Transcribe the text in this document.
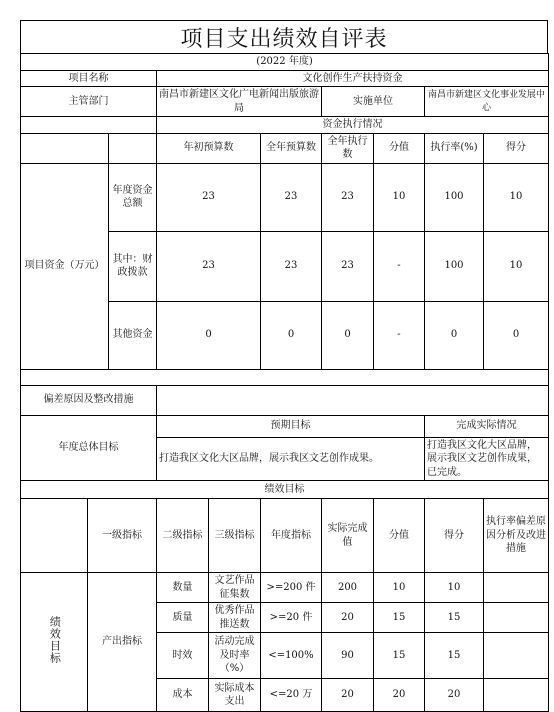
项目支出绩效自评表
(2022 年度)									
项目名称			文化创作生产扶持资金						
主管部门			南昌市新建区文化广电新闻出版旅游局			实施单位		南昌市新建区文化事业发展中心	
			资金执行情况						
			年初预算数		全年预算数	全年执行数	分值	执行率(%)	得分
项目资金（万元）		年度资金总额	23		23	23	10	100	10
		其中：财政拨款	23		23	23	-	100	10
		其他资金	0		0	0	-	0	0

偏差原因及整改措施									
年度总体目标			预期目标					完成实际情况	
			打造我区文化大区品牌，展示我区文艺创作成果。					打造我区文化大区品牌，展示我区文艺创作成果，已完成。	
绩效目标									
	一级指标		二级指标	三级指标	年度指标	实际完成值	分值	得分	执行率偏差原因分析及改进措施
绩效目标	产出指标		数量	文艺作品征集数	>=200 件	200	10	10	
			质量	优秀作品推送数	>=20 件	20	15	15	
			时效	活动完成及时率（%）	<=100%	90	15	15	
			成本	实际成本支出	<=20 万	20	20	20	
